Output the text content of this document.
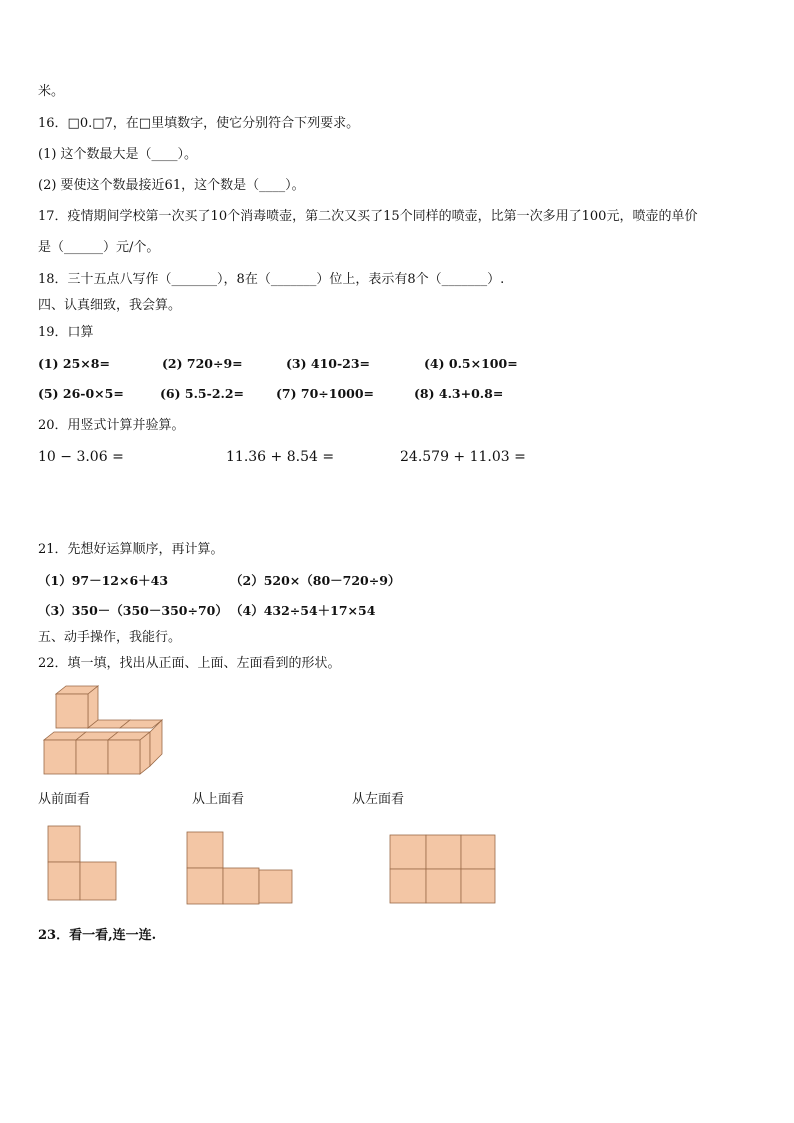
米。
16．□0.□7，在□里填数字，使它分别符合下列要求。
(1) 这个数最大是（____）。
(2) 要使这个数最接近61，这个数是（____）。
17．疫情期间学校第一次买了10个消毒喷壶，第二次又买了15个同样的喷壶，比第一次多用了100元，喷壶的单价
是（______）元/个。
18．三十五点八写作（_______），8在（_______）位上，表示有8个（_______）.
四、认真细致，我会算。
19．口算
(1) 25×8=	(2) 720÷9=	(3) 410-23=	(4) 0.5×100=
(5) 26-0×5=	(6) 5.5-2.2=	(7) 70÷1000=	(8) 4.3+0.8=
20．用竖式计算并验算。
10 − 3.06 =	11.36 + 8.54 =	24.579 + 11.03 =
21．先想好运算顺序，再计算。
（1）97－12×6＋43	（2）520×（80－720÷9）
（3）350－（350－350÷70） （4）432÷54＋17×54
五、动手操作，我能行。
22．填一填，找出从正面、上面、左面看到的形状。
从前面看	从上面看	从左面看
23．看一看,连一连.
